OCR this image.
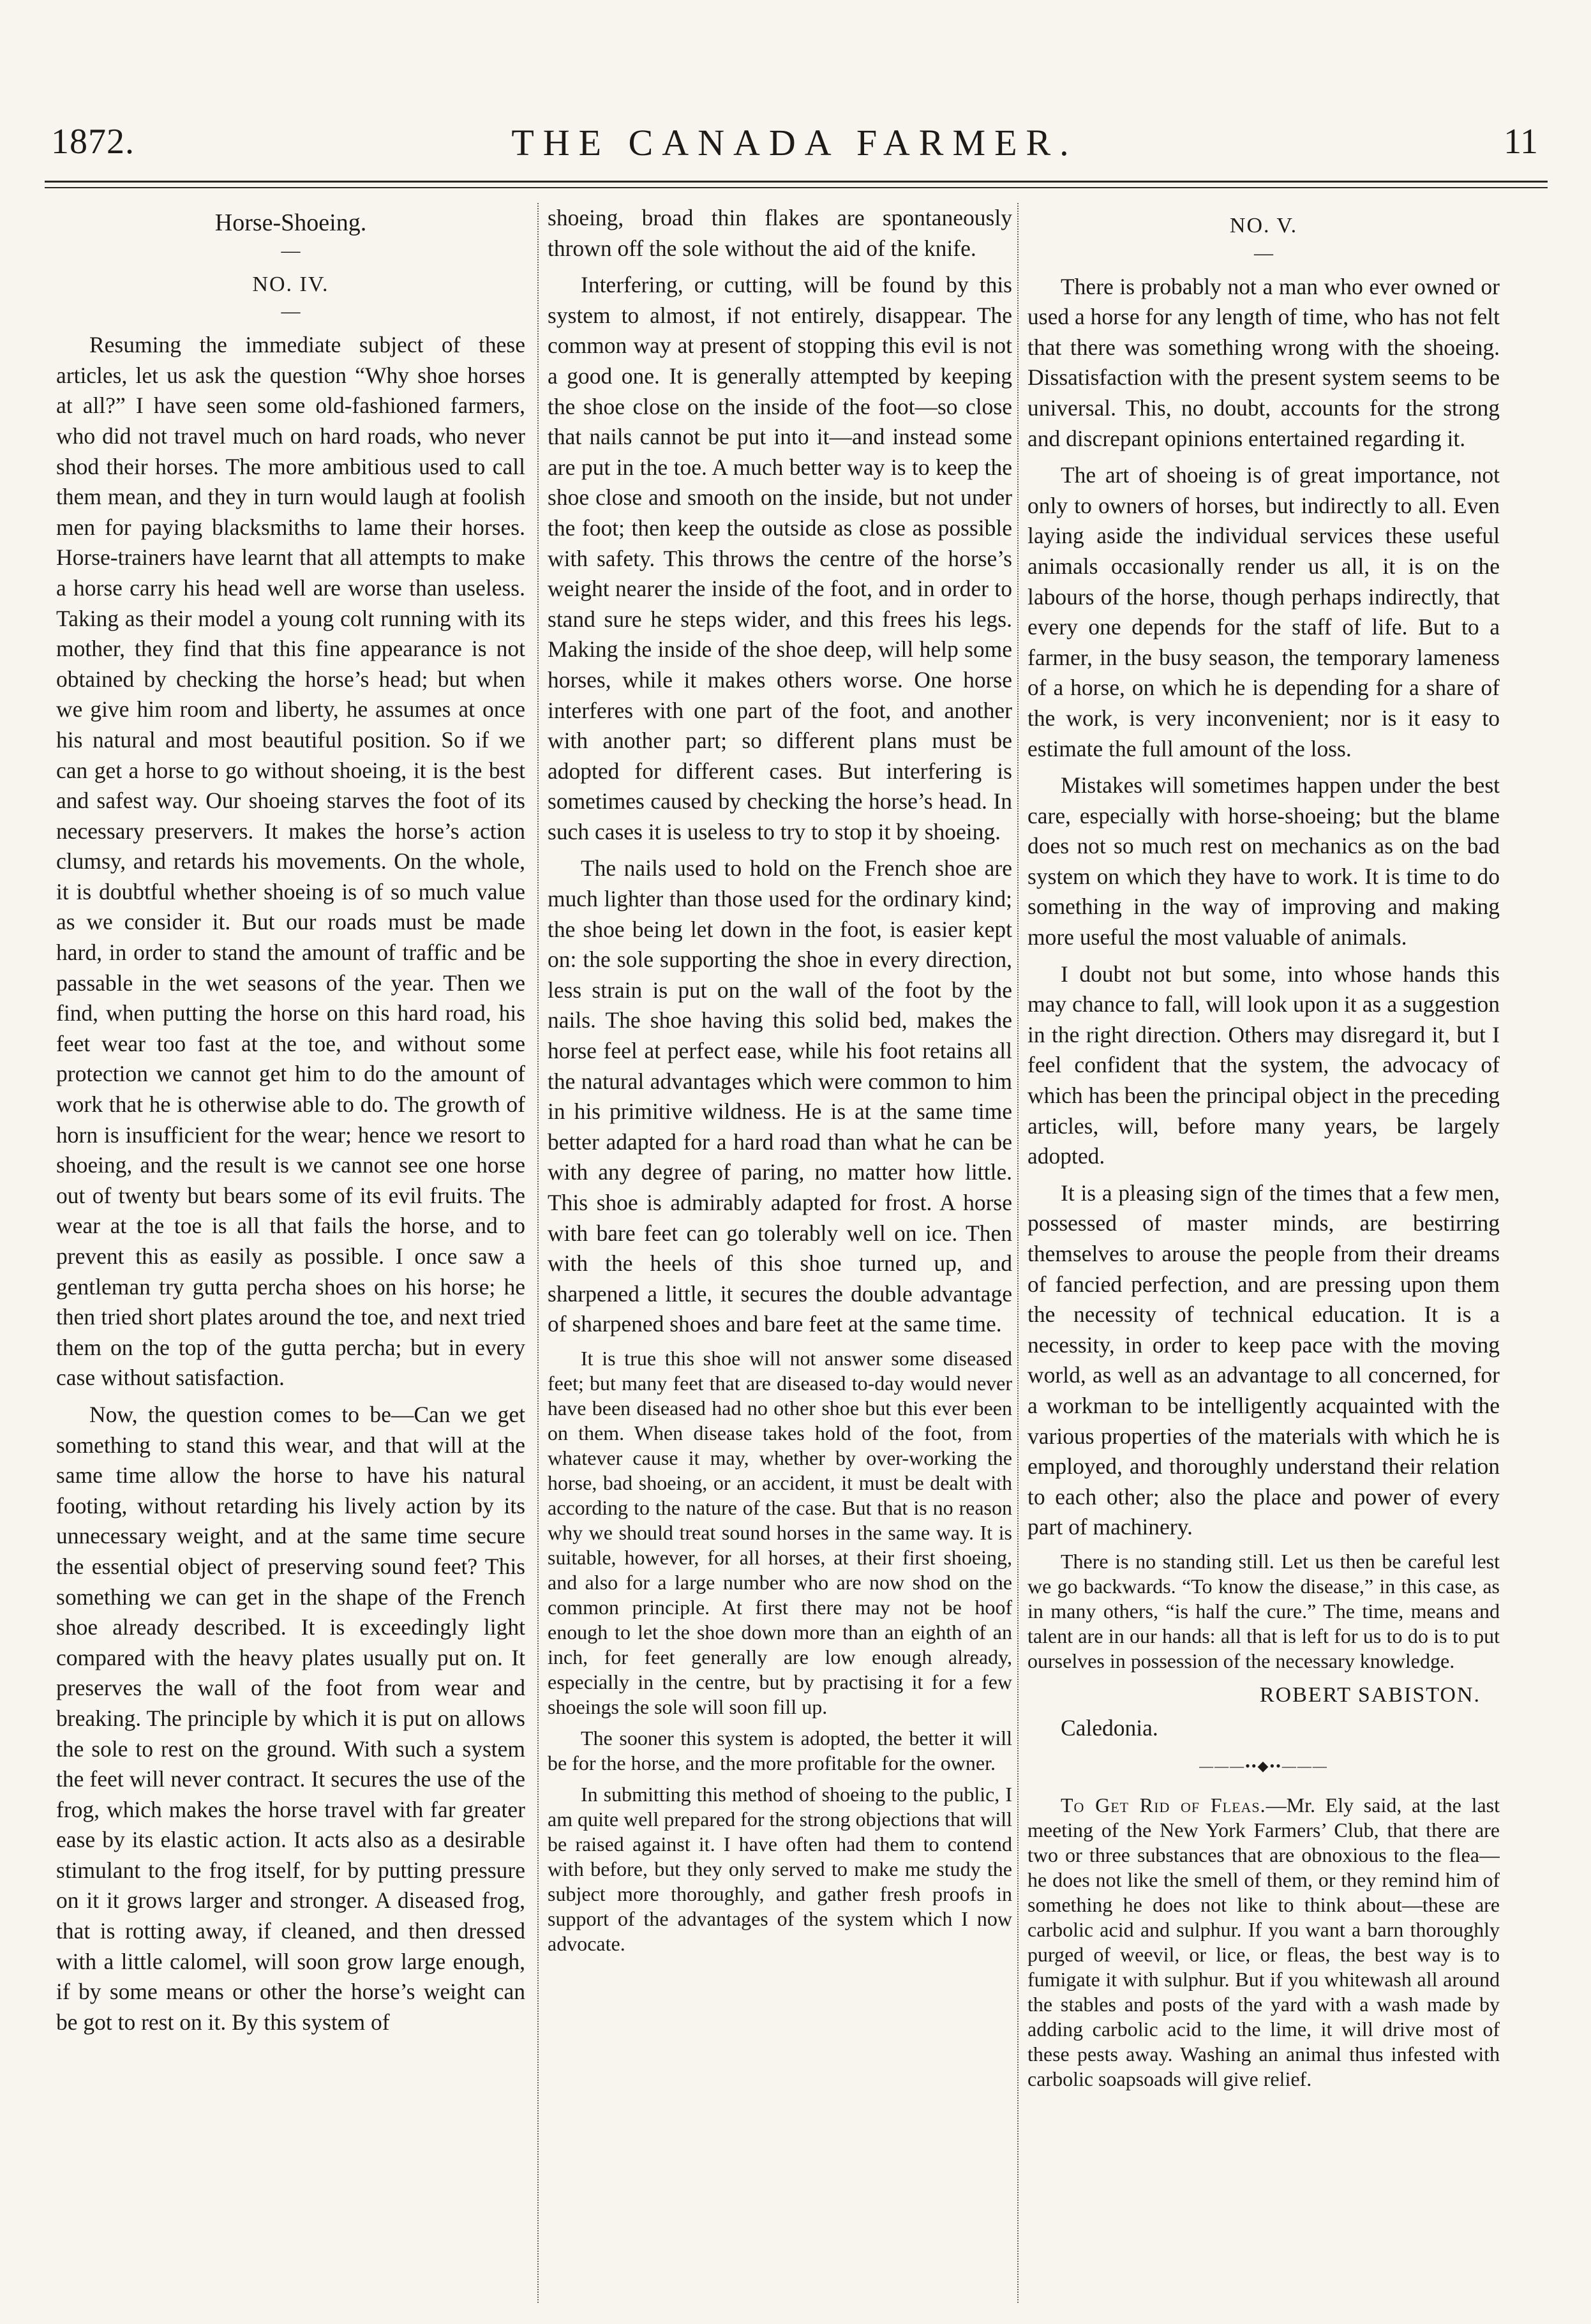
1872.	THE CANADA FARMER.	11
Horse-Shoeing.
—
NO. IV.
—

Resuming the immediate subject of these articles, let us ask the question “Why shoe horses at all?” I have seen some old-fashioned farmers, who did not travel much on hard roads, who never shod their horses. The more ambitious used to call them mean, and they in turn would laugh at foolish men for paying blacksmiths to lame their horses. Horse-trainers have learnt that all attempts to make a horse carry his head well are worse than useless. Taking as their model a young colt running with its mother, they find that this fine appearance is not obtained by checking the horse’s head; but when we give him room and liberty, he assumes at once his natural and most beautiful position. So if we can get a horse to go without shoeing, it is the best and safest way. Our shoeing starves the foot of its necessary preservers. It makes the horse’s action clumsy, and retards his movements. On the whole, it is doubtful whether shoeing is of so much value as we consider it. But our roads must be made hard, in order to stand the amount of traffic and be passable in the wet seasons of the year. Then we find, when putting the horse on this hard road, his feet wear too fast at the toe, and without some protection we cannot get him to do the amount of work that he is otherwise able to do. The growth of horn is insufficient for the wear; hence we resort to shoeing, and the result is we cannot see one horse out of twenty but bears some of its evil fruits. The wear at the toe is all that fails the horse, and to prevent this as easily as possible. I once saw a gentleman try gutta percha shoes on his horse; he then tried short plates around the toe, and next tried them on the top of the gutta percha; but in every case without satisfaction.

Now, the question comes to be—Can we get something to stand this wear, and that will at the same time allow the horse to have his natural footing, without retarding his lively action by its unnecessary weight, and at the same time secure the essential object of preserving sound feet? This something we can get in the shape of the French shoe already described. It is exceedingly light compared with the heavy plates usually put on. It preserves the wall of the foot from wear and breaking. The principle by which it is put on allows the sole to rest on the ground. With such a system the feet will never contract. It secures the use of the frog, which makes the horse travel with far greater ease by its elastic action. It acts also as a desirable stimulant to the frog itself, for by putting pressure on it it grows larger and stronger. A diseased frog, that is rotting away, if cleaned, and then dressed with a little calomel, will soon grow large enough, if by some means or other the horse’s weight can be got to rest on it. By this system of

shoeing, broad thin flakes are spontaneously thrown off the sole without the aid of the knife.

Interfering, or cutting, will be found by this system to almost, if not entirely, disappear. The common way at present of stopping this evil is not a good one. It is generally attempted by keeping the shoe close on the inside of the foot—so close that nails cannot be put into it—and instead some are put in the toe. A much better way is to keep the shoe close and smooth on the inside, but not under the foot; then keep the outside as close as possible with safety. This throws the centre of the horse’s weight nearer the inside of the foot, and in order to stand sure he steps wider, and this frees his legs. Making the inside of the shoe deep, will help some horses, while it makes others worse. One horse interferes with one part of the foot, and another with another part; so different plans must be adopted for different cases. But interfering is sometimes caused by checking the horse’s head. In such cases it is useless to try to stop it by shoeing.

The nails used to hold on the French shoe are much lighter than those used for the ordinary kind; the shoe being let down in the foot, is easier kept on: the sole supporting the shoe in every direction, less strain is put on the wall of the foot by the nails. The shoe having this solid bed, makes the horse feel at perfect ease, while his foot retains all the natural advantages which were common to him in his primitive wildness. He is at the same time better adapted for a hard road than what he can be with any degree of paring, no matter how little. This shoe is admirably adapted for frost. A horse with bare feet can go tolerably well on ice. Then with the heels of this shoe turned up, and sharpened a little, it secures the double advantage of sharpened shoes and bare feet at the same time.

It is true this shoe will not answer some diseased feet; but many feet that are diseased to-day would never have been diseased had no other shoe but this ever been on them. When disease takes hold of the foot, from whatever cause it may, whether by over-working the horse, bad shoeing, or an accident, it must be dealt with according to the nature of the case. But that is no reason why we should treat sound horses in the same way. It is suitable, however, for all horses, at their first shoeing, and also for a large number who are now shod on the common principle. At first there may not be hoof enough to let the shoe down more than an eighth of an inch, for feet generally are low enough already, especially in the centre, but by practising it for a few shoeings the sole will soon fill up.

The sooner this system is adopted, the better it will be for the horse, and the more profitable for the owner.

In submitting this method of shoeing to the public, I am quite well prepared for the strong objections that will be raised against it. I have often had them to contend with before, but they only served to make me study the subject more thoroughly, and gather fresh proofs in support of the advantages of the system which I now advocate.

NO. V.
—

There is probably not a man who ever owned or used a horse for any length of time, who has not felt that there was something wrong with the shoeing. Dissatisfaction with the present system seems to be universal. This, no doubt, accounts for the strong and discrepant opinions entertained regarding it.

The art of shoeing is of great importance, not only to owners of horses, but indirectly to all. Even laying aside the individual services these useful animals occasionally render us all, it is on the labours of the horse, though perhaps indirectly, that every one depends for the staff of life. But to a farmer, in the busy season, the temporary lameness of a horse, on which he is depending for a share of the work, is very inconvenient; nor is it easy to estimate the full amount of the loss.

Mistakes will sometimes happen under the best care, especially with horse-shoeing; but the blame does not so much rest on mechanics as on the bad system on which they have to work. It is time to do something in the way of improving and making more useful the most valuable of animals.

I doubt not but some, into whose hands this may chance to fall, will look upon it as a suggestion in the right direction. Others may disregard it, but I feel confident that the system, the advocacy of which has been the principal object in the preceding articles, will, before many years, be largely adopted.

It is a pleasing sign of the times that a few men, possessed of master minds, are bestirring themselves to arouse the people from their dreams of fancied perfection, and are pressing upon them the necessity of technical education. It is a necessity, in order to keep pace with the moving world, as well as an advantage to all concerned, for a workman to be intelligently acquainted with the various properties of the materials with which he is employed, and thoroughly understand their relation to each other; also the place and power of every part of machinery.

There is no standing still. Let us then be careful lest we go backwards. “To know the disease,” in this case, as in many others, “is half the cure.” The time, means and talent are in our hands: all that is left for us to do is to put ourselves in possession of the necessary knowledge.

ROBERT SABISTON.

Caledonia.

———••◆••———

To Get Rid of Fleas.—Mr. Ely said, at the last meeting of the New York Farmers’ Club, that there are two or three substances that are obnoxious to the flea—he does not like the smell of them, or they remind him of something he does not like to think about—these are carbolic acid and sulphur. If you want a barn thoroughly purged of weevil, or lice, or fleas, the best way is to fumigate it with sulphur. But if you whitewash all around the stables and posts of the yard with a wash made by adding carbolic acid to the lime, it will drive most of these pests away. Washing an animal thus infested with carbolic soapsoads will give relief.
